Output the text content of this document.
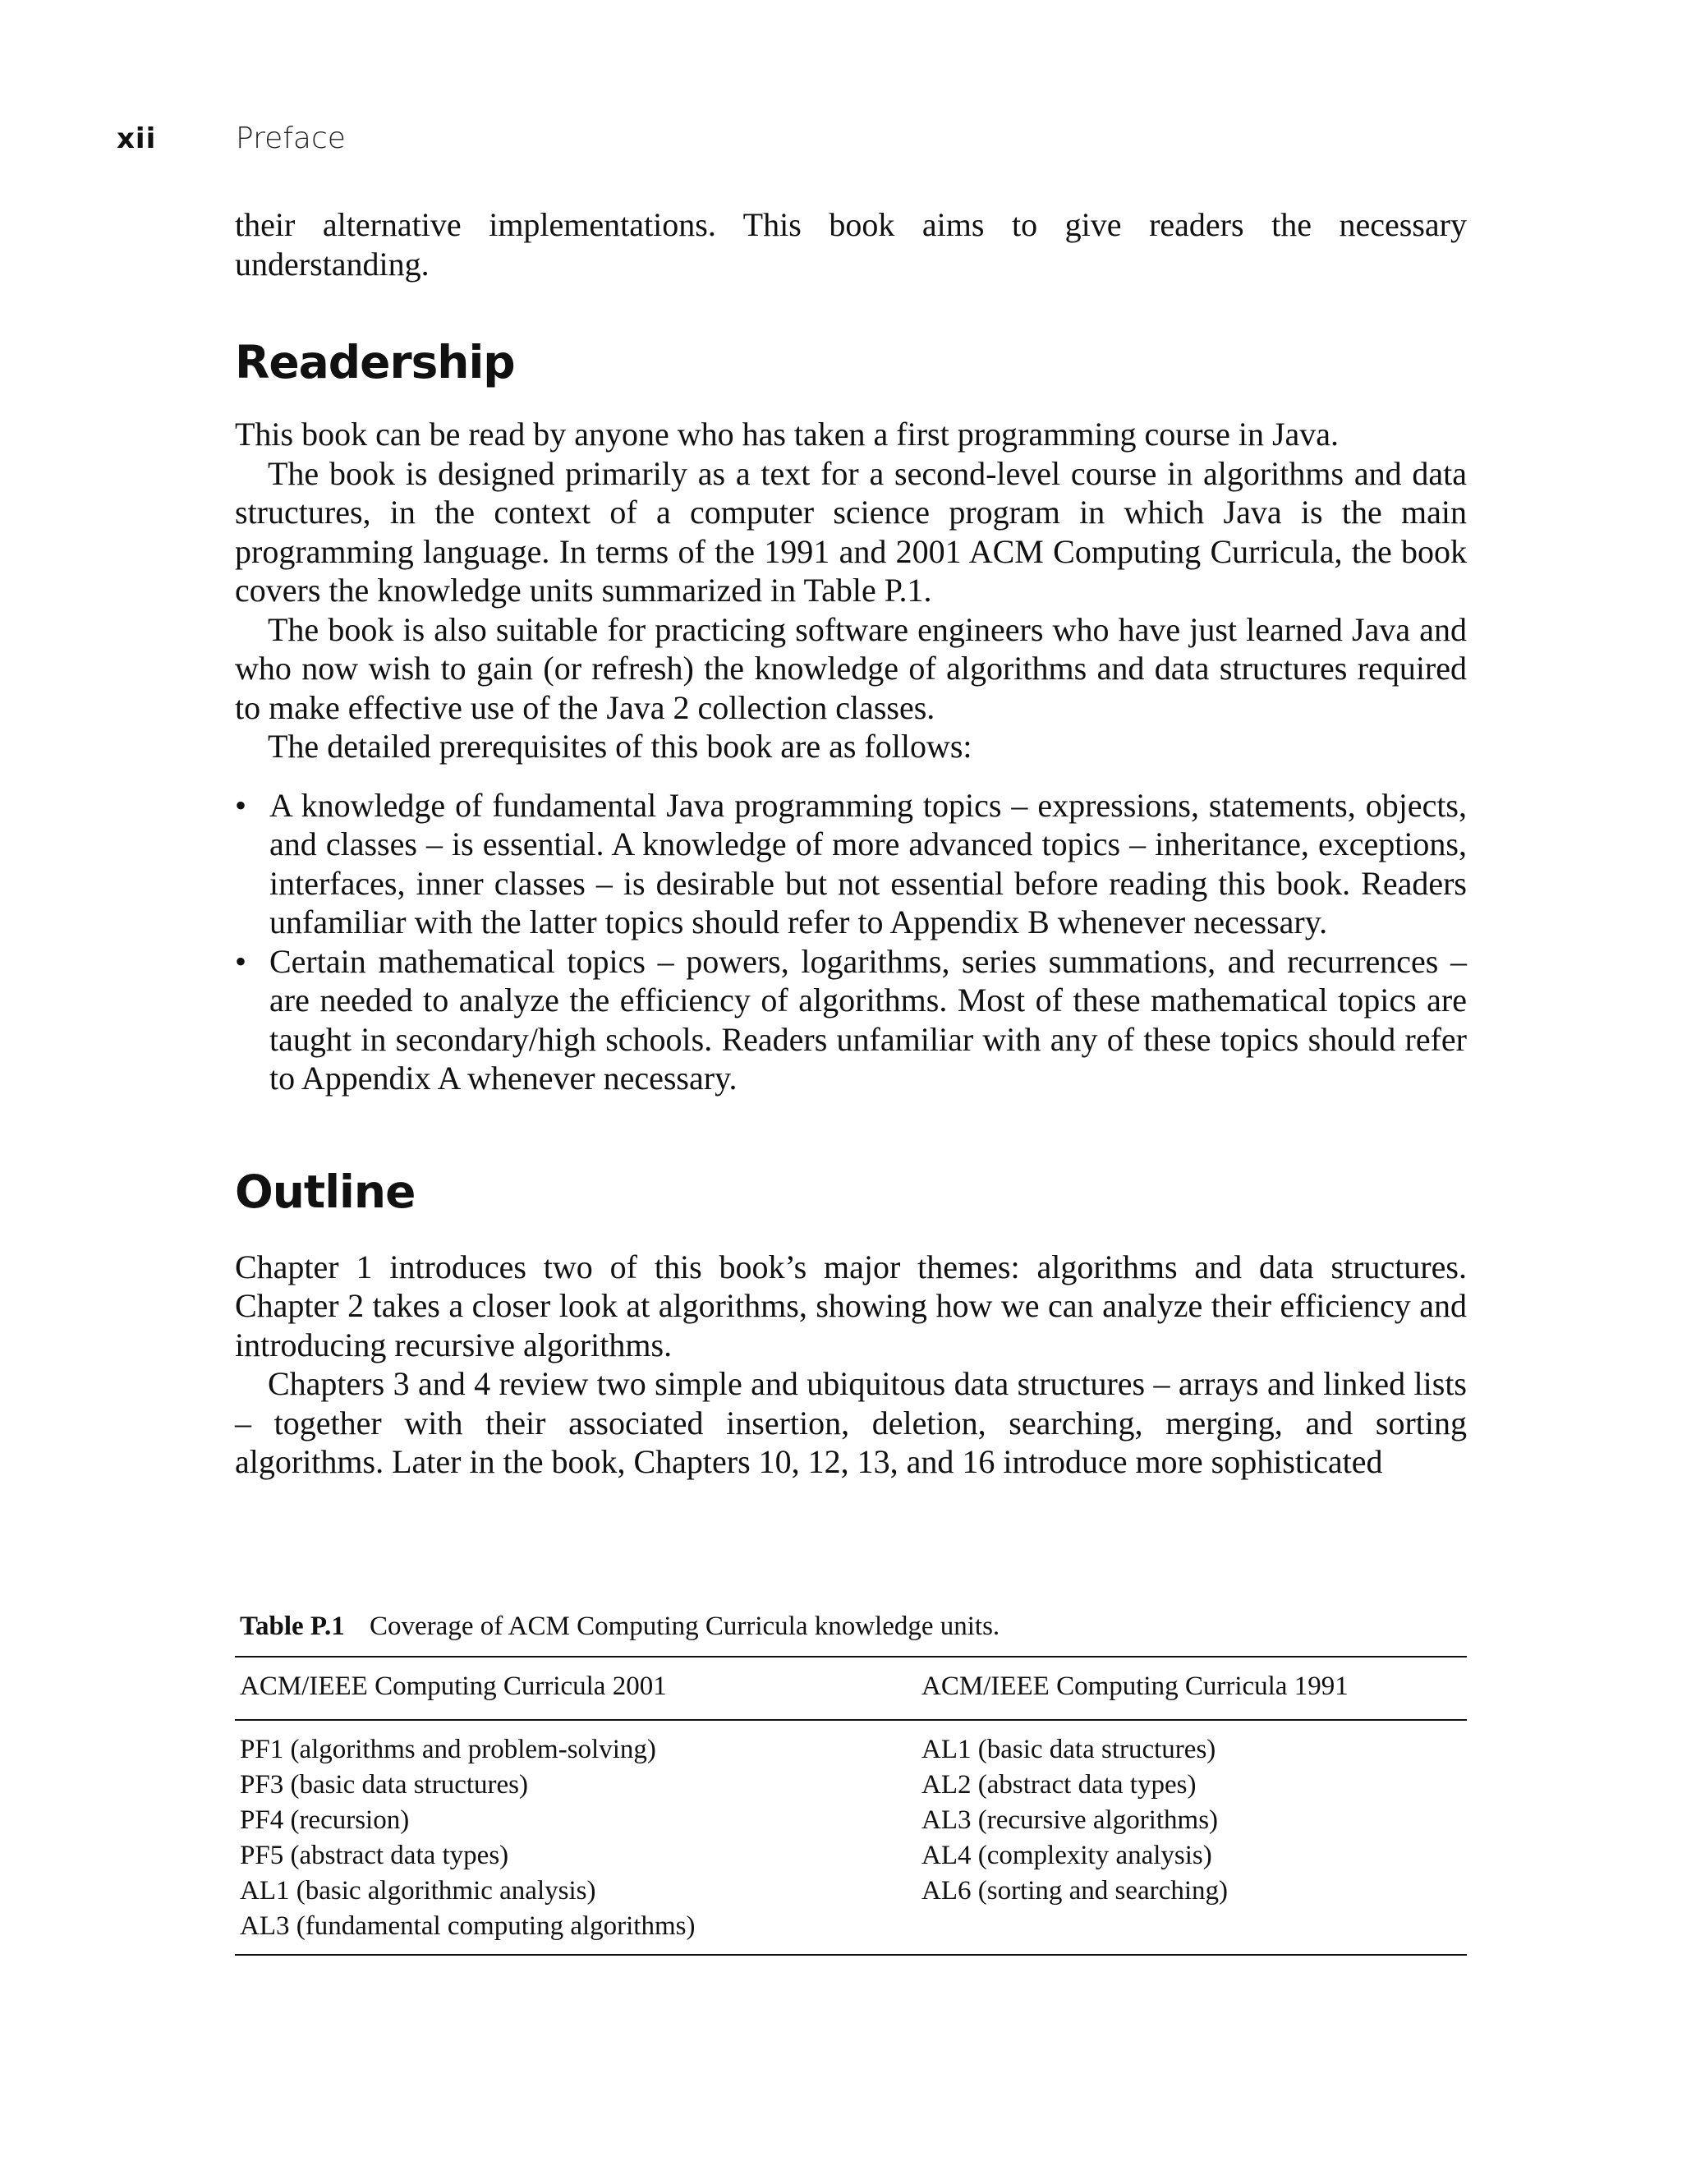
xii	Preface

their alternative implementations. This book aims to give readers the necessary understanding.

Readership

This book can be read by anyone who has taken a first programming course in Java.

The book is designed primarily as a text for a second-level course in algorithms and data structures, in the context of a computer science program in which Java is the main programming language. In terms of the 1991 and 2001 ACM Computing Curricula, the book covers the knowledge units summarized in Table P.1.

The book is also suitable for practicing software engineers who have just learned Java and who now wish to gain (or refresh) the knowledge of algorithms and data structures required to make effective use of the Java 2 collection classes.

The detailed prerequisites of this book are as follows:

• A knowledge of fundamental Java programming topics – expressions, statements, objects, and classes – is essential. A knowledge of more advanced topics – inheritance, exceptions, interfaces, inner classes – is desirable but not essential before reading this book. Readers unfamiliar with the latter topics should refer to Appendix B whenever necessary.
• Certain mathematical topics – powers, logarithms, series summations, and recurrences – are needed to analyze the efficiency of algorithms. Most of these mathematical topics are taught in secondary/high schools. Readers unfamiliar with any of these topics should refer to Appendix A whenever necessary.
Outline

Chapter 1 introduces two of this book’s major themes: algorithms and data structures. Chapter 2 takes a closer look at algorithms, showing how we can analyze their efficiency and introducing recursive algorithms.

Chapters 3 and 4 review two simple and ubiquitous data structures – arrays and linked lists – together with their associated insertion, deletion, searching, merging, and sorting algorithms. Later in the book, Chapters 10, 12, 13, and 16 introduce more sophisticated

Table P.1 Coverage of ACM Computing Curricula knowledge units.
ACM/IEEE Computing Curricula 2001	ACM/IEEE Computing Curricula 1991
PF1 (algorithms and problem-solving)
PF3 (basic data structures)
PF4 (recursion)
PF5 (abstract data types)
AL1 (basic algorithmic analysis)
AL3 (fundamental computing algorithms)
AL1 (basic data structures)
AL2 (abstract data types)
AL3 (recursive algorithms)
AL4 (complexity analysis)
AL6 (sorting and searching)
